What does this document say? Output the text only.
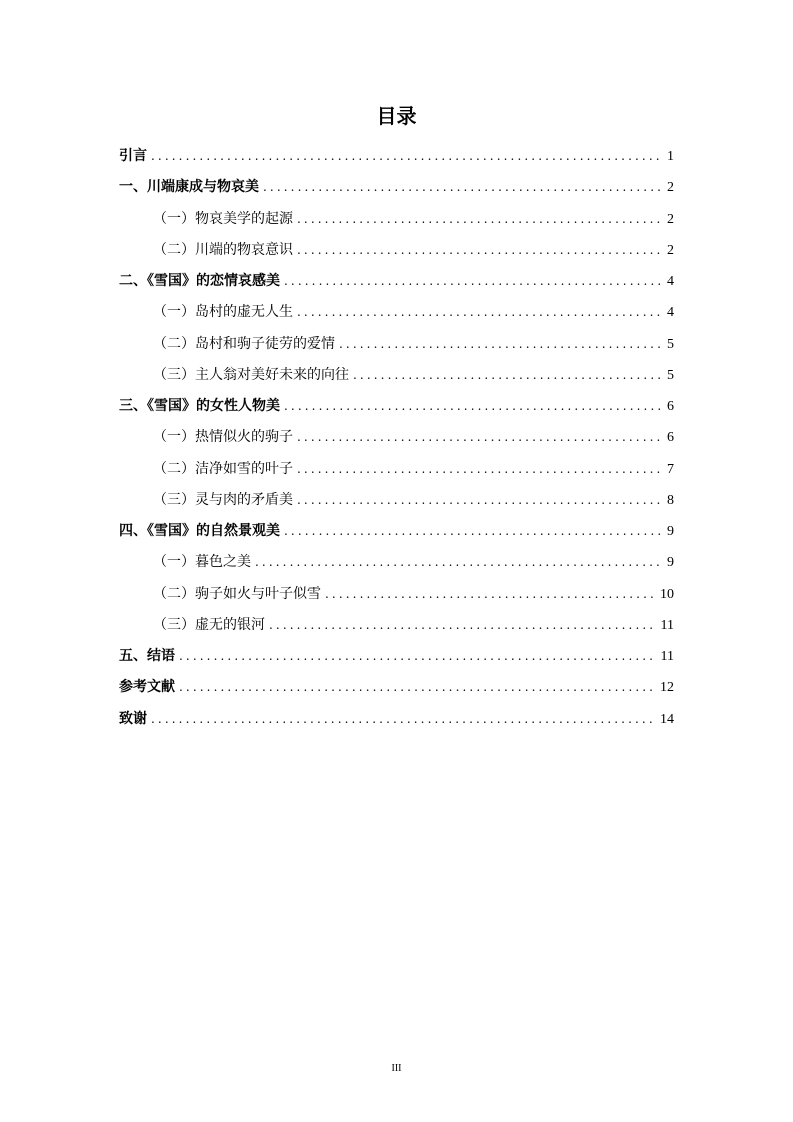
目录
引言 .....	1
一、川端康成与物哀美 .....	2
（一）物哀美学的起源 .....	2
（二）川端的物哀意识 .....	2
二、《雪国》的恋情哀感美 .....	4
（一）岛村的虚无人生 .....	4
（二）岛村和驹子徒劳的爱情 .....	5
（三）主人翁对美好未来的向往 .....	5
三、《雪国》的女性人物美 .....	6
（一）热情似火的驹子 .....	6
（二）洁净如雪的叶子 .....	7
（三）灵与肉的矛盾美 .....	8
四、《雪国》的自然景观美 .....	9
（一）暮色之美 .....	9
（二）驹子如火与叶子似雪 .....	10
（三）虚无的银河 .....	11
五、结语 .....	11
参考文献 .....	12
致谢 .....	14
III
